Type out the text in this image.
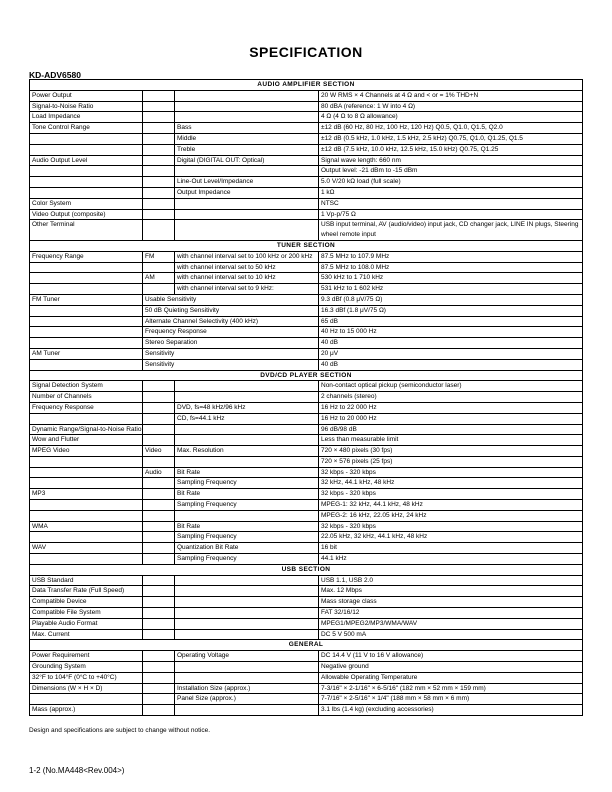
SPECIFICATION
KD-ADV6580
AUDIO AMPLIFIER SECTION			
Power Output			20 W RMS × 4 Channels at 4 Ω and < or = 1% THD+N
Signal-to-Noise Ratio			80 dBA (reference: 1 W into 4 Ω)
Load Impedance			4 Ω (4 Ω to 8 Ω allowance)
Tone Control Range		Bass	±12 dB (60 Hz, 80 Hz, 100 Hz, 120 Hz) Q0.5, Q1.0, Q1.5, Q2.0
		Middle	±12 dB (0.5 kHz, 1.0 kHz, 1.5 kHz, 2.5 kHz) Q0.75, Q1.0, Q1.25, Q1.5
		Treble	±12 dB (7.5 kHz, 10.0 kHz, 12.5 kHz, 15.0 kHz) Q0.75, Q1.25
Audio Output Level		Digital (DIGITAL OUT: Optical)	Signal wave length: 660 nm
			Output level: -21 dBm to -15 dBm
		Line-Out Level/Impedance	5.0 V/20 kΩ load (full scale)
		Output Impedance	1 kΩ
Color System			NTSC
Video Output (composite)			1 Vp-p/75 Ω
Other Terminal			USB input terminal, AV (audio/video) input jack, CD changer jack, LINE IN plugs, Steering wheel remote input
TUNER SECTION			
Frequency Range	FM	with channel interval set to 100 kHz or 200 kHz	87.5 MHz to 107.9 MHz
		with channel interval set to 50 kHz	87.5 MHz to 108.0 MHz
	AM	with channel interval set to 10 kHz	530 kHz to 1 710 kHz
		with channel interval set to 9 kHz:	531 kHz to 1 602 kHz
FM Tuner	Usable Sensitivity		9.3 dBf (0.8 μV/75 Ω)
	50 dB Quieting Sensitivity		16.3 dBf (1.8 μV/75 Ω)
	Alternate Channel Selectivity (400 kHz)		65 dB
	Frequency Response		40 Hz to 15 000 Hz
	Stereo Separation		40 dB
AM Tuner	Sensitivity		20 μV
	Sensitivity		40 dB
DVD/CD PLAYER SECTION			
Signal Detection System			Non-contact optical pickup (semiconductor laser)
Number of Channels			2 channels (stereo)
Frequency Response		DVD, fs=48 kHz/96 kHz	16 Hz to 22 000 Hz
		CD, fs=44.1 kHz	16 Hz to 20 000 Hz
Dynamic Range/Signal-to-Noise Ratio			96 dB/98 dB
Wow and Flutter			Less than measurable limit
MPEG Video	Video	Max. Resolution	720 × 480 pixels (30 fps)
			720 × 576 pixels (25 fps)
	Audio	Bit Rate	32 kbps - 320 kbps
		Sampling Frequency	32 kHz, 44.1 kHz, 48 kHz
MP3		Bit Rate	32 kbps - 320 kbps
		Sampling Frequency	MPEG-1: 32 kHz, 44.1 kHz, 48 kHz
			MPEG-2: 16 kHz, 22.05 kHz, 24 kHz
WMA		Bit Rate	32 kbps - 320 kbps
		Sampling Frequency	22.05 kHz, 32 kHz, 44.1 kHz, 48 kHz
WAV		Quantization Bit Rate	16 bit
		Sampling Frequency	44.1 kHz
USB SECTION			
USB Standard			USB 1.1, USB 2.0
Data Transfer Rate (Full Speed)			Max. 12 Mbps
Compatible Device			Mass storage class
Compatible File System			FAT 32/16/12
Playable Audio Format			MPEG1/MPEG2/MP3/WMA/WAV
Max. Current			DC 5 V 500 mA
GENERAL			
Power Requirement		Operating Voltage	DC 14.4 V (11 V to 16 V allowance)
Grounding System			Negative ground
32°F to 104°F (0°C to +40°C)			Allowable Operating Temperature
Dimensions (W × H × D)		Installation Size (approx.)	7-3/16" × 2-1/16" × 6-5/16" (182 mm × 52 mm × 159 mm)
		Panel Size (approx.)	7-7/16" × 2-5/16" × 1/4" (188 mm × 58 mm × 6 mm)
Mass (approx.)			3.1 lbs (1.4 kg) (excluding accessories)
Design and specifications are subject to change without notice.
1-2 (No.MA448<Rev.004>)
